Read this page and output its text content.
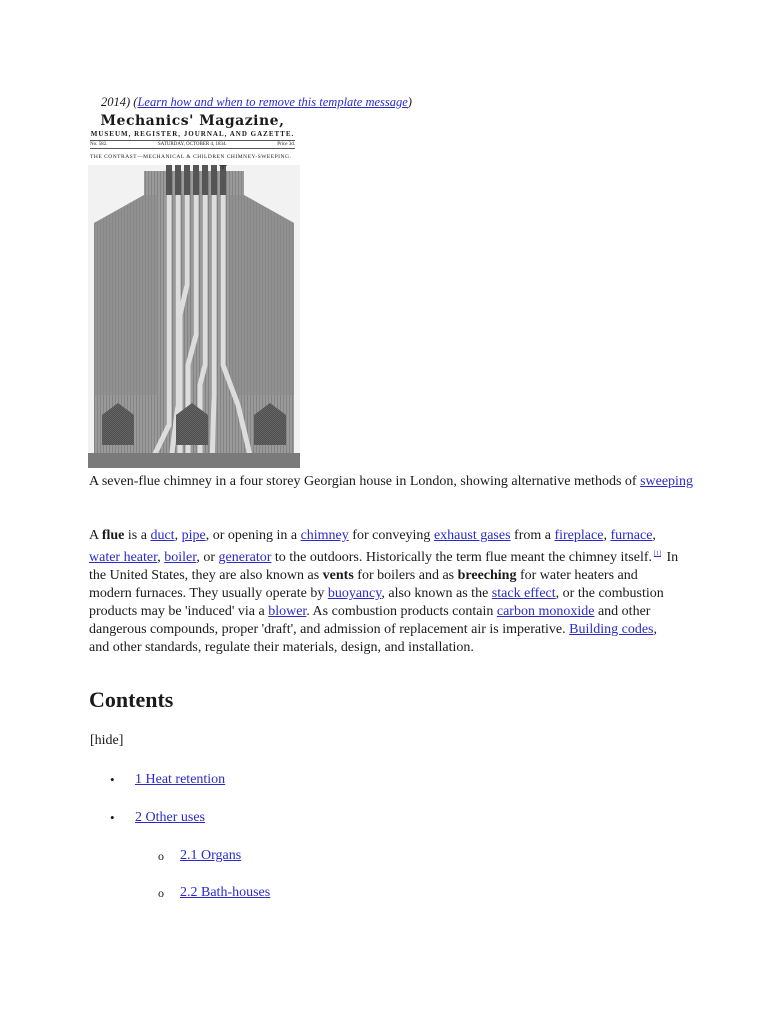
2014) (Learn how and when to remove this template message)
Mechanics' Magazine,
MUSEUM, REGISTER, JOURNAL, AND GAZETTE.
No. 582.	SATURDAY, OCTOBER 4, 1834.	Price 3d.
THE CONTRAST—MECHANICAL & CHILDREN CHIMNEY-SWEEPING.
A seven-flue chimney in a four storey Georgian house in London, showing alternative methods of sweeping
A flue is a duct, pipe, or opening in a chimney for conveying exhaust gases from a fireplace, furnace, water heater, boiler, or generator to the outdoors. Historically the term flue meant the chimney itself. [1] In the United States, they are also known as vents for boilers and as breeching for water heaters and modern furnaces. They usually operate by buoyancy, also known as the stack effect, or the combustion products may be 'induced' via a blower. As combustion products contain carbon monoxide and other dangerous compounds, proper 'draft', and admission of replacement air is imperative. Building codes, and other standards, regulate their materials, design, and installation.
Contents
[hide]
• 1 Heat retention
• 2 Other uses
o 2.1 Organs
o 2.2 Bath-houses
